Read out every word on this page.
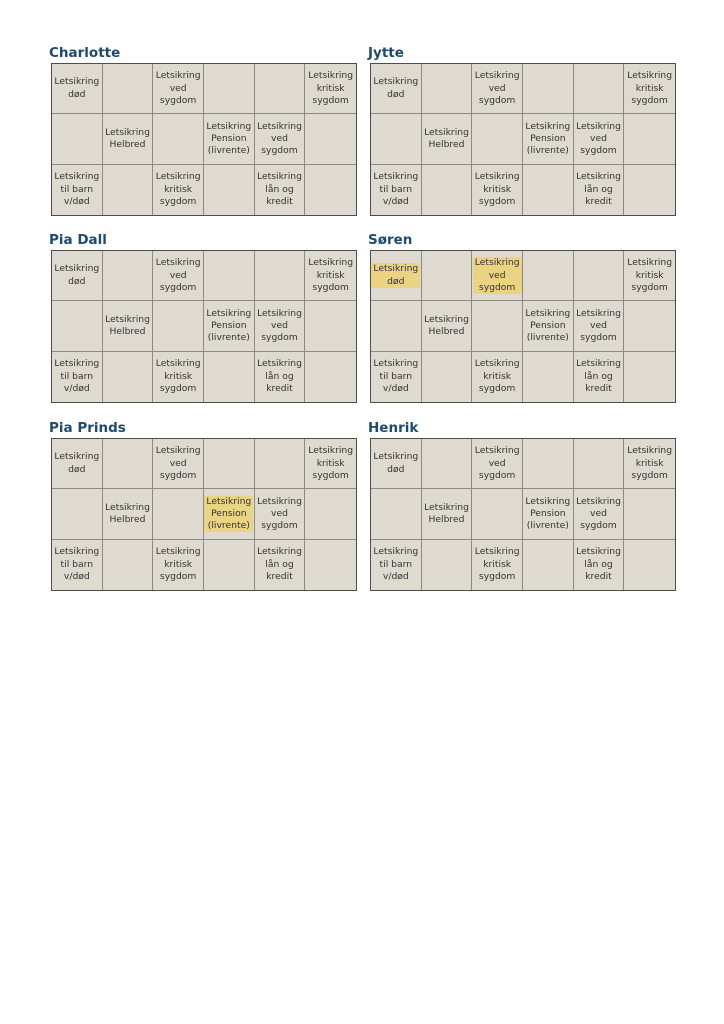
Charlotte
Letsikring
død
Letsikring
ved
sygdom
Letsikring
kritisk
sygdom
Letsikring
Helbred
Letsikring
Pension
(livrente)
Letsikring
ved
sygdom
Letsikring
til barn
v/død
Letsikring
kritisk
sygdom
Letsikring
lån og
kredit
Jytte
Letsikring
død
Letsikring
ved
sygdom
Letsikring
kritisk
sygdom
Letsikring
Helbred
Letsikring
Pension
(livrente)
Letsikring
ved
sygdom
Letsikring
til barn
v/død
Letsikring
kritisk
sygdom
Letsikring
lån og
kredit
Pia Dall
Letsikring
død
Letsikring
ved
sygdom
Letsikring
kritisk
sygdom
Letsikring
Helbred
Letsikring
Pension
(livrente)
Letsikring
ved
sygdom
Letsikring
til barn
v/død
Letsikring
kritisk
sygdom
Letsikring
lån og
kredit
Søren
Letsikring
død
Letsikring
ved
sygdom
Letsikring
kritisk
sygdom
Letsikring
Helbred
Letsikring
Pension
(livrente)
Letsikring
ved
sygdom
Letsikring
til barn
v/død
Letsikring
kritisk
sygdom
Letsikring
lån og
kredit
Pia Prinds
Letsikring
død
Letsikring
ved
sygdom
Letsikring
kritisk
sygdom
Letsikring
Helbred
Letsikring
Pension
(livrente)
Letsikring
ved
sygdom
Letsikring
til barn
v/død
Letsikring
kritisk
sygdom
Letsikring
lån og
kredit
Henrik
Letsikring
død
Letsikring
ved
sygdom
Letsikring
kritisk
sygdom
Letsikring
Helbred
Letsikring
Pension
(livrente)
Letsikring
ved
sygdom
Letsikring
til barn
v/død
Letsikring
kritisk
sygdom
Letsikring
lån og
kredit
